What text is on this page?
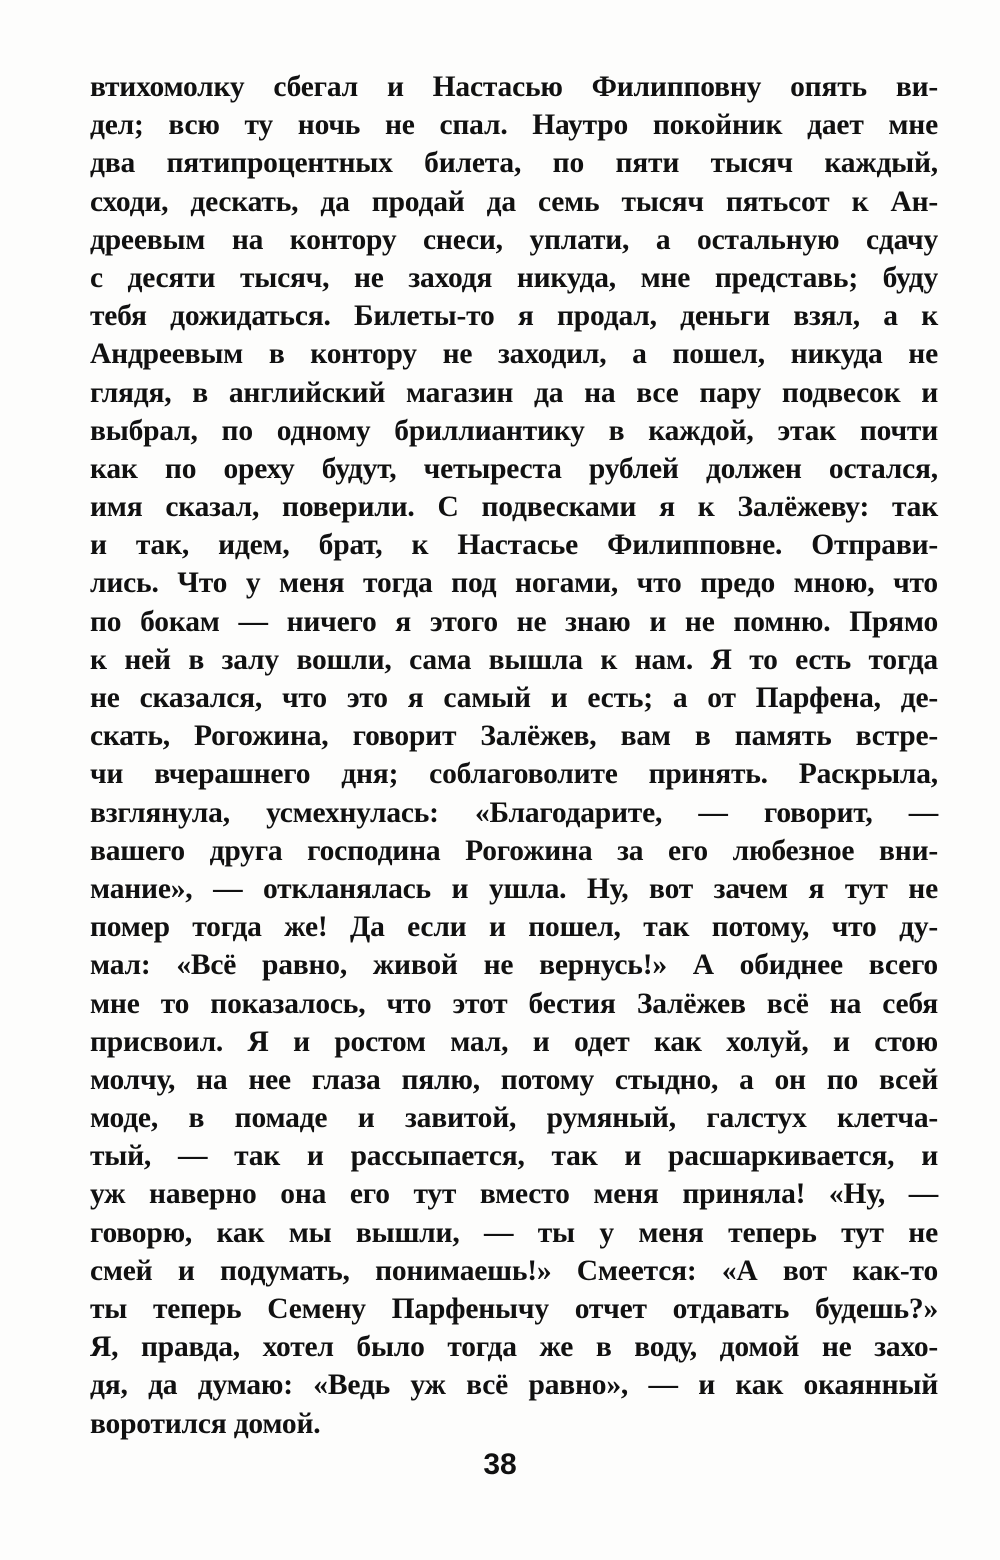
втихомолку сбегал и Настасью Филипповну опять ви-
дел; всю ту ночь не спал. Наутро покойник дает мне
два пятипроцентных билета, по пяти тысяч каждый,
сходи, дескать, да продай да семь тысяч пятьсот к Ан-
дреевым на контору снеси, уплати, а остальную сдачу
с десяти тысяч, не заходя никуда, мне представь; буду
тебя дожидаться. Билеты-то я продал, деньги взял, а к
Андреевым в контору не заходил, а пошел, никуда не
глядя, в английский магазин да на все пару подвесок и
выбрал, по одному бриллиантику в каждой, этак почти
как по ореху будут, четыреста рублей должен остался,
имя сказал, поверили. С подвесками я к Залёжеву: так
и так, идем, брат, к Настасье Филипповне. Отправи-
лись. Что у меня тогда под ногами, что предо мною, что
по бокам — ничего я этого не знаю и не помню. Прямо
к ней в залу вошли, сама вышла к нам. Я то есть тогда
не сказался, что это я самый и есть; а от Парфена, де-
скать, Рогожина, говорит Залёжев, вам в память встре-
чи вчерашнего дня; соблаговолите принять. Раскрыла,
взглянула, усмехнулась: «Благодарите, — говорит, —
вашего друга господина Рогожина за его любезное вни-
мание», — откланялась и ушла. Ну, вот зачем я тут не
помер тогда же! Да если и пошел, так потому, что ду-
мал: «Всё равно, живой не вернусь!» А обиднее всего
мне то показалось, что этот бестия Залёжев всё на себя
присвоил. Я и ростом мал, и одет как холуй, и стою
молчу, на нее глаза пялю, потому стыдно, а он по всей
моде, в помаде и завитой, румяный, галстух клетча-
тый, — так и рассыпается, так и расшаркивается, и
уж наверно она его тут вместо меня приняла! «Ну, —
говорю, как мы вышли, — ты у меня теперь тут не
смей и подумать, понимаешь!» Смеется: «А вот как-то
ты теперь Семену Парфенычу отчет отдавать будешь?»
Я, правда, хотел было тогда же в воду, домой не захо-
дя, да думаю: «Ведь уж всё равно», — и как окаянный
воротился домой.
38
